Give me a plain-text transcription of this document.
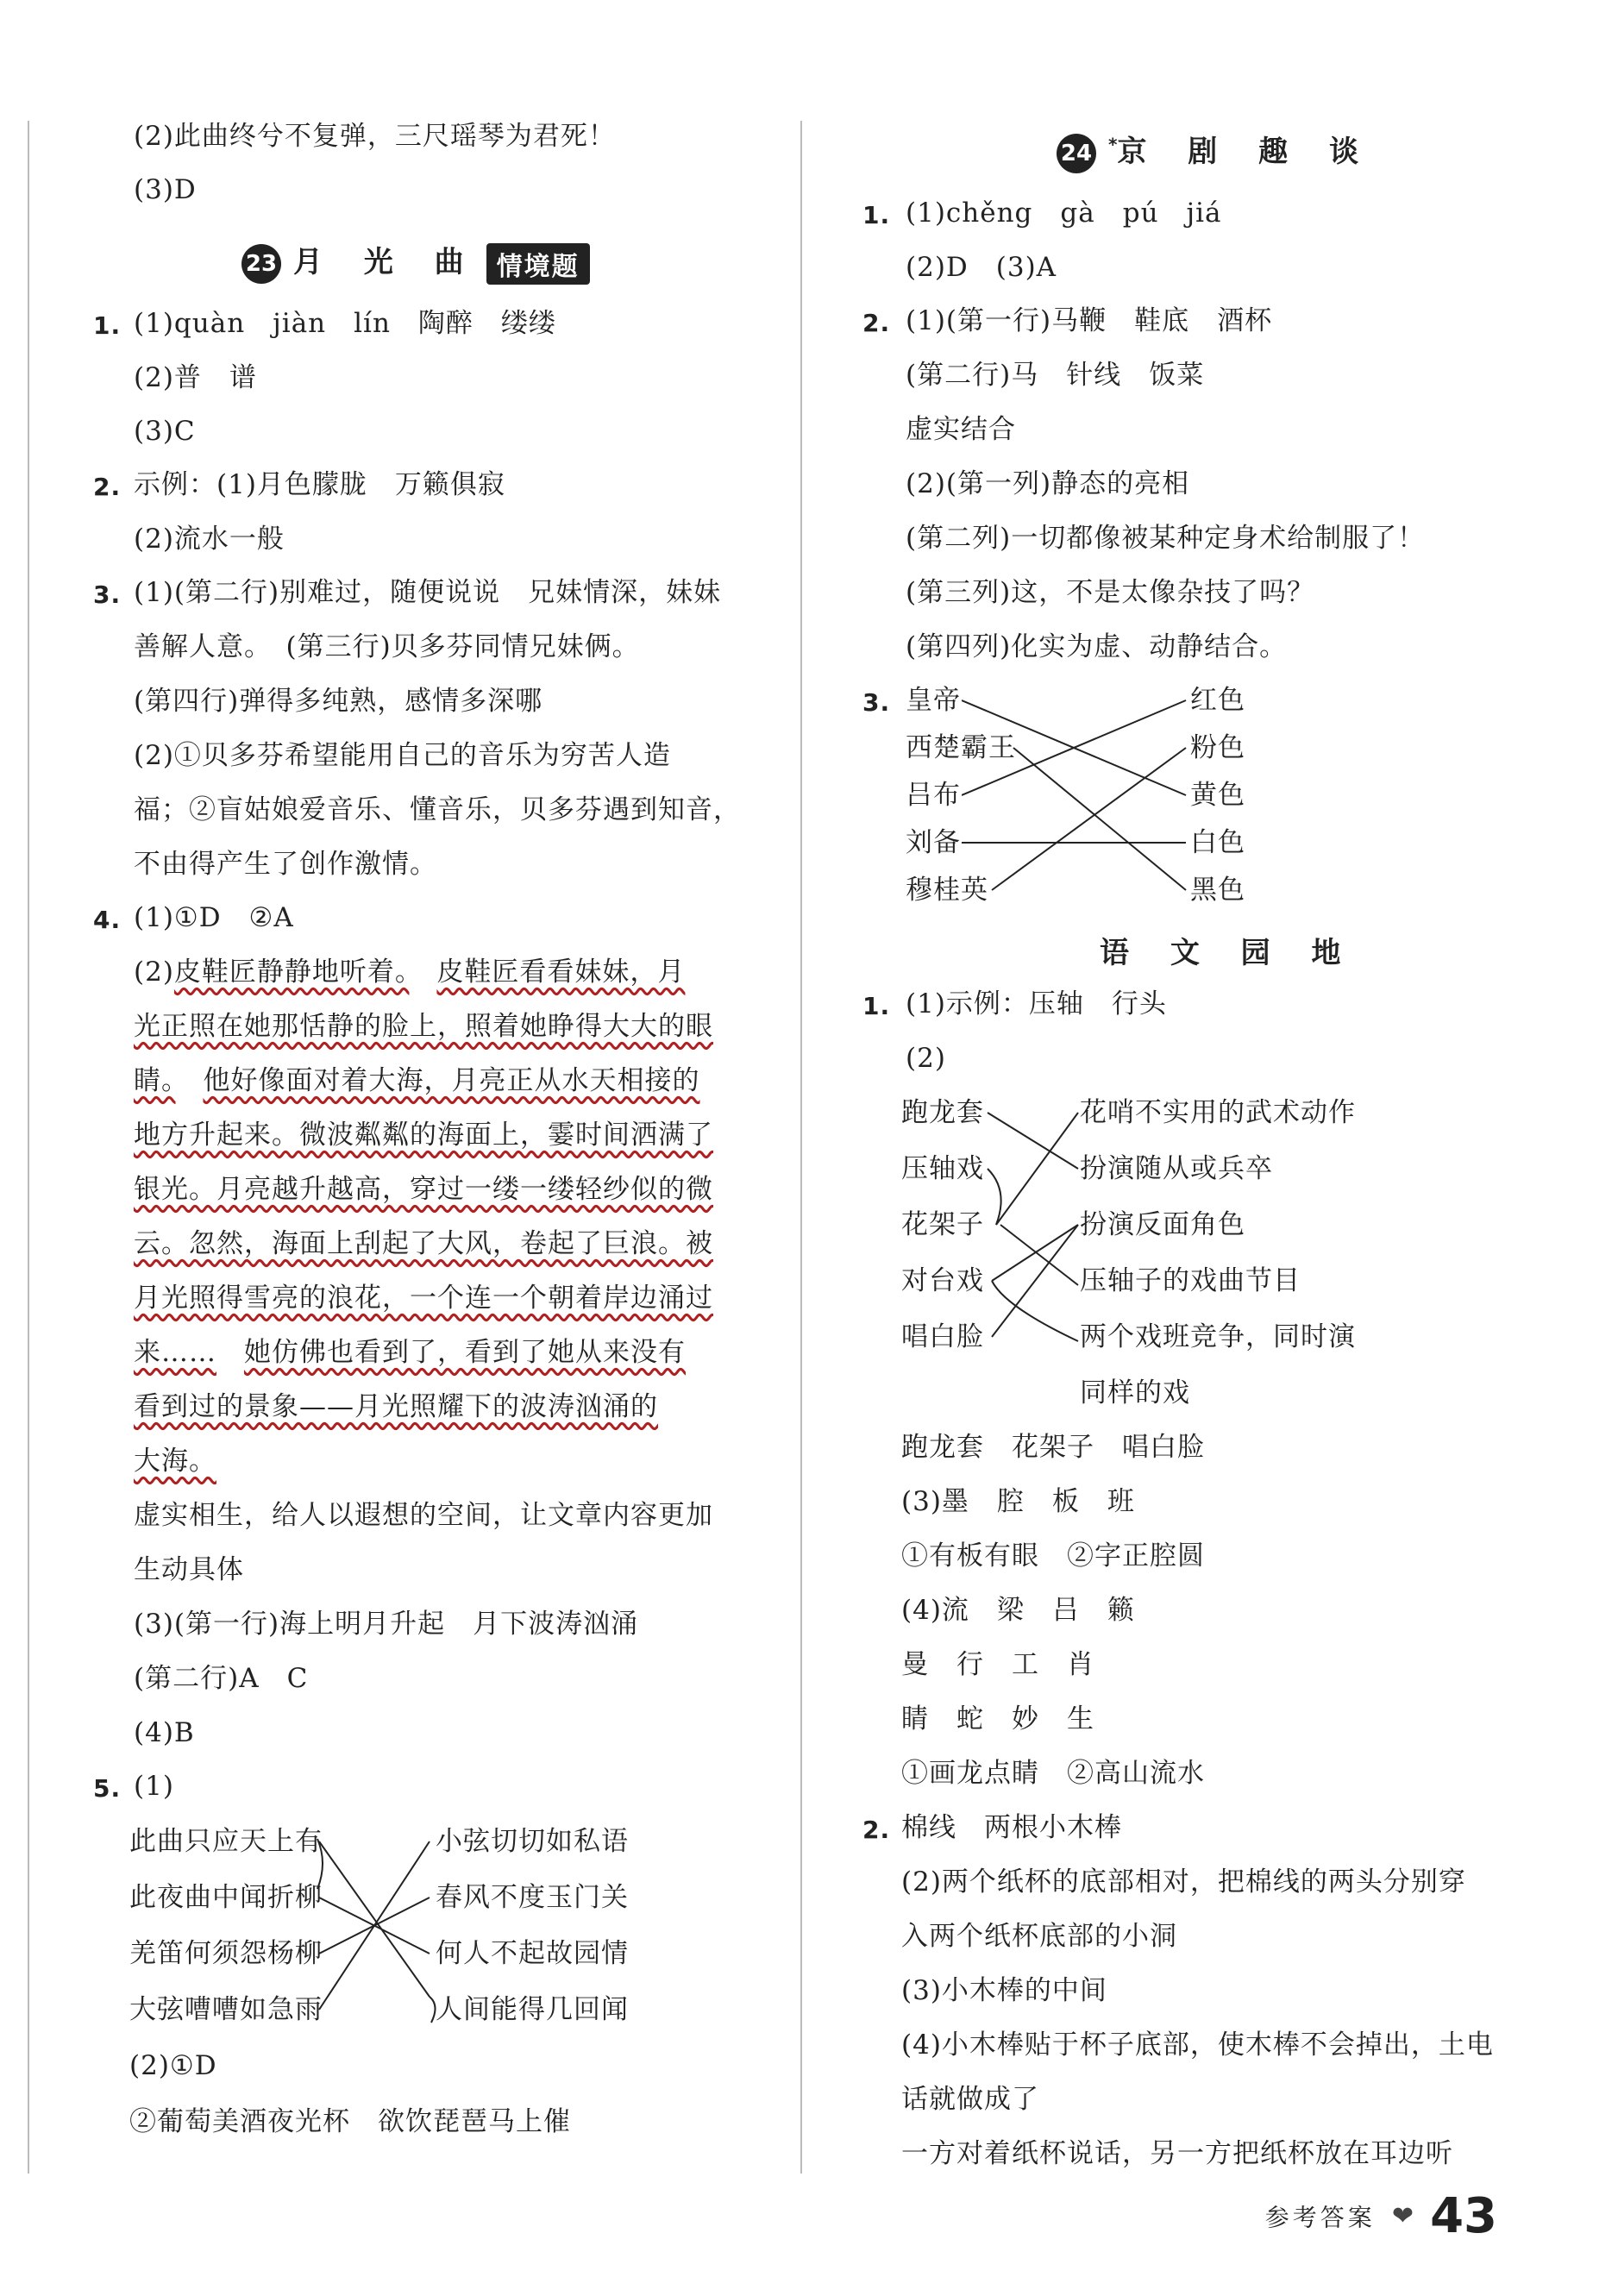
(2)此曲终兮不复弹，三尺瑶琴为君死！
(3)D
23 月 光 曲 情境题
1. (1)quàn　jiàn　lín　陶醉　缕缕
(2)普　谱
(3)C
2. 示例：(1)月色朦胧　万籁俱寂
(2)流水一般
3. (1)(第二行)别难过，随便说说　兄妹情深，妹妹
善解人意。　(第三行)贝多芬同情兄妹俩。
(第四行)弹得多纯熟，感情多深哪
(2)①贝多芬希望能用自己的音乐为穷苦人造
福；②盲姑娘爱音乐、懂音乐，贝多芬遇到知音，
不由得产生了创作激情。
4. (1)①D　②A
(2)皮鞋匠静静地听着。　 皮鞋匠看看妹妹，月
光正照在她那恬静的脸上，照着她睁得大大的眼
睛。　 他好像面对着大海，月亮正从水天相接的
地方升起来。微波粼粼的海面上，霎时间洒满了
银光。月亮越升越高，穿过一缕一缕轻纱似的微
云。忽然，海面上刮起了大风，卷起了巨浪。被
月光照得雪亮的浪花，一个连一个朝着岸边涌过
来……　 她仿佛也看到了，看到了她从来没有
看到过的景象——月光照耀下的波涛汹涌的
大海。
虚实相生，给人以遐想的空间，让文章内容更加
生动具体
(3)(第一行)海上明月升起　月下波涛汹涌
(第二行)A　C
(4)B
5. (1)
此曲只应天上有
此夜曲中闻折柳
羌笛何须怨杨柳
大弦嘈嘈如急雨
小弦切切如私语
春风不度玉门关
何人不起故园情
人间能得几回闻
(2)①D
②葡萄美酒夜光杯　欲饮琵琶马上催
24 *京 剧 趣 谈
1. (1)chěng　gà　pú　jiá
(2)D　(3)A
2. (1)(第一行)马鞭　鞋底　酒杯
(第二行)马　针线　饭菜
虚实结合
(2)(第一列)静态的亮相
(第二列)一切都像被某种定身术给制服了！
(第三列)这，不是太像杂技了吗？
(第四列)化实为虚、动静结合。
3. 皇帝
西楚霸王
吕布
刘备
穆桂英
红色
粉色
黄色
白色
黑色
语 文 园 地
1. (1)示例：压轴　行头
(2)
跑龙套
压轴戏
花架子
对台戏
唱白脸
花哨不实用的武术动作
扮演随从或兵卒
扮演反面角色
压轴子的戏曲节目
两个戏班竞争，同时演
同样的戏
跑龙套　花架子　唱白脸
(3)墨　腔　板　班
①有板有眼　②字正腔圆
(4)流　梁　吕　籁
曼　行　工　肖
睛　蛇　妙　生
①画龙点睛　②高山流水
2. 棉线　两根小木棒
(2)两个纸杯的底部相对，把棉线的两头分别穿
入两个纸杯底部的小洞
(3)小木棒的中间
(4)小木棒贴于杯子底部，使木棒不会掉出，土电
话就做成了
一方对着纸杯说话，另一方把纸杯放在耳边听
参考答案 ❤ 43
